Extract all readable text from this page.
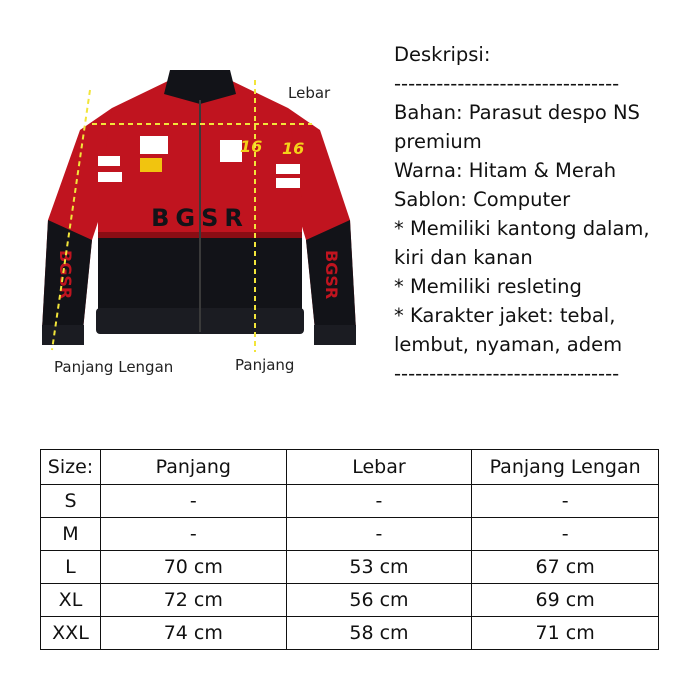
16 16
BGSR
BGSR	BGSR
Lebar
Panjang
Panjang Lengan
Deskripsi:
--------------------------------
Bahan: Parasut despo NS
premium
Warna: Hitam & Merah
Sablon: Computer
* Memiliki kantong dalam,
kiri dan kanan
* Memiliki resleting
* Karakter jaket: tebal,
lembut, nyaman, adem
--------------------------------
Size:	Panjang	Lebar	Panjang Lengan
S	-	-	-
M	-	-	-
L	70 cm	53 cm	67 cm
XL	72 cm	56 cm	69 cm
XXL	74 cm	58 cm	71 cm
